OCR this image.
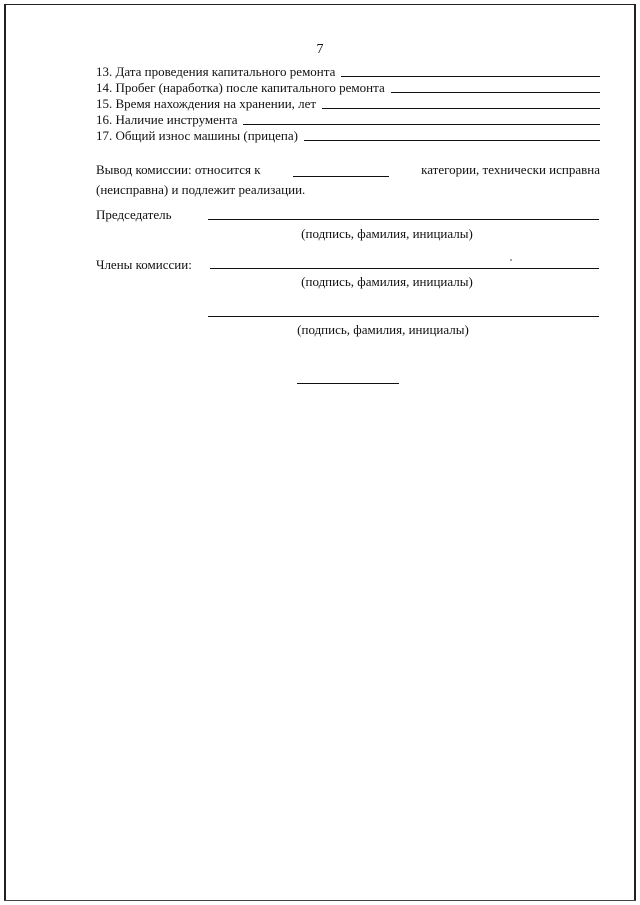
7
13. Дата проведения капитального ремонта
14. Пробег (наработка) после капитального ремонта
15. Время нахождения на хранении, лет
16. Наличие инструмента
17. Общий износ машины (прицепа)
Вывод комиссии: относится к	категории, технически исправна
(неисправна) и подлежит реализации.
Председатель
(подпись, фамилия, инициалы)
Члены комиссии:
(подпись, фамилия, инициалы)
(подпись, фамилия, инициалы)
